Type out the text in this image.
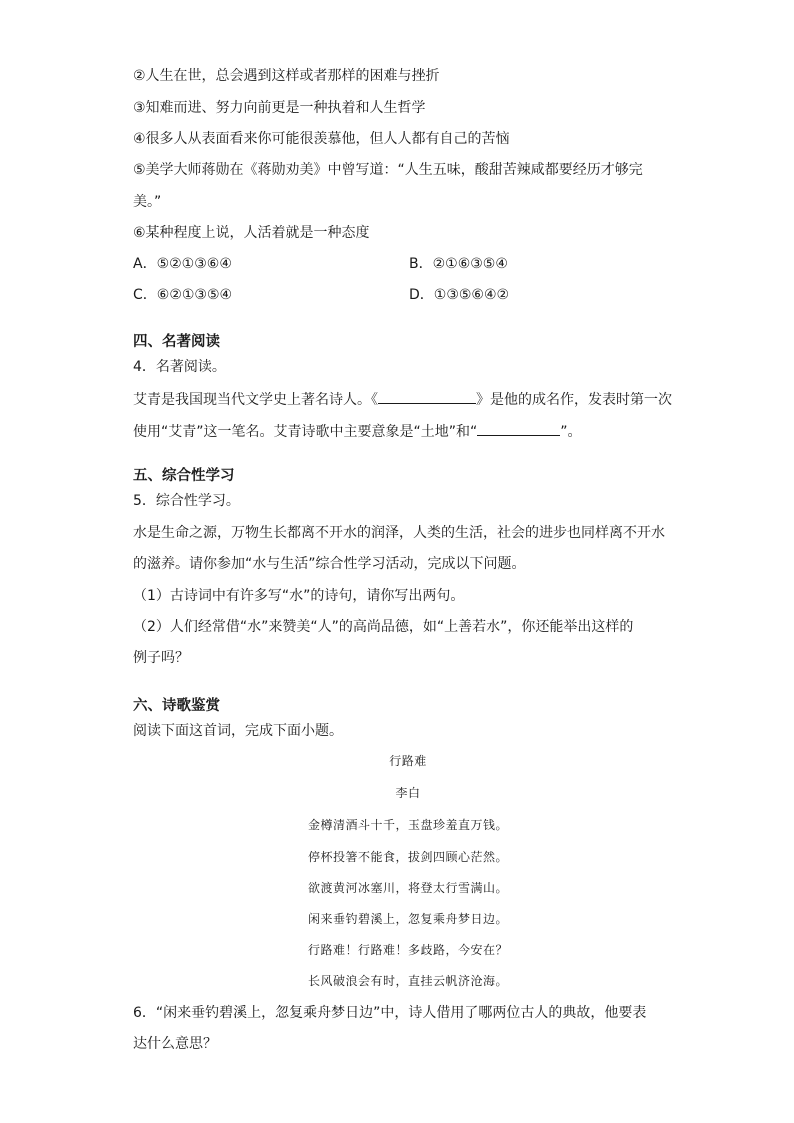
②人生在世，总会遇到这样或者那样的困难与挫折
③知难而进、努力向前更是一种执着和人生哲学
④很多人从表面看来你可能很羡慕他，但人人都有自己的苦恼
⑤美学大师蒋勋在《蒋勋劝美》中曾写道：“人生五味，酸甜苦辣咸都要经历才够完
美。”
⑥某种程度上说，人活着就是一种态度
A．⑤②①③⑥④	B．②①⑥③⑤④
C．⑥②①③⑤④	D．①③⑤⑥④②
四、名著阅读
4．名著阅读。
艾青是我国现当代文学史上著名诗人。《	》是他的成名作，发表时第一次
使用“艾青”这一笔名。艾青诗歌中主要意象是“土地”和“	”。
五、综合性学习
5．综合性学习。
水是生命之源，万物生长都离不开水的润泽，人类的生活，社会的进步也同样离不开水
的滋养。请你参加“水与生活”综合性学习活动，完成以下问题。
（1）古诗词中有许多写“水”的诗句，请你写出两句。
（2）人们经常借“水”来赞美“人”的高尚品德，如“上善若水”，你还能举出这样的
例子吗？
六、诗歌鉴赏
阅读下面这首词，完成下面小题。
行路难
李白
金樽清酒斗十千，玉盘珍羞直万钱。
停杯投箸不能食，拔剑四顾心茫然。
欲渡黄河冰塞川，将登太行雪满山。
闲来垂钓碧溪上，忽复乘舟梦日边。
行路难！行路难！多歧路，今安在？
长风破浪会有时，直挂云帆济沧海。
6．“闲来垂钓碧溪上，忽复乘舟梦日边”中，诗人借用了哪两位古人的典故，他要表
达什么意思？
